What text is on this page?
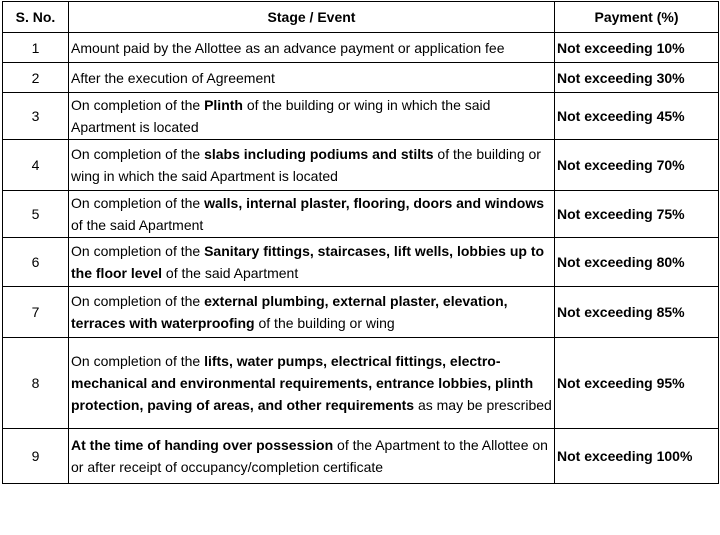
S. No.	Stage / Event	Payment (%)
1	Amount paid by the Allottee as an advance payment or application fee	Not exceeding 10%
2	After the execution of Agreement	Not exceeding 30%
3	On completion of the Plinth of the building or wing in which the said Apartment is located	Not exceeding 45%
4	On completion of the slabs including podiums and stilts of the building or wing in which the said Apartment is located	Not exceeding 70%
5	On completion of the walls, internal plaster, flooring, doors and windows of the said Apartment	Not exceeding 75%
6	On completion of the Sanitary fittings, staircases, lift wells, lobbies up to the floor level of the said Apartment	Not exceeding 80%
7	On completion of the external plumbing, external plaster, elevation, terraces with waterproofing of the building or wing	Not exceeding 85%
8	On completion of the lifts, water pumps, electrical fittings, electro-mechanical and environmental requirements, entrance lobbies, plinth protection, paving of areas, and other requirements as may be prescribed	Not exceeding 95%
9	At the time of handing over possession of the Apartment to the Allottee on or after receipt of occupancy/completion certificate	Not exceeding 100%
